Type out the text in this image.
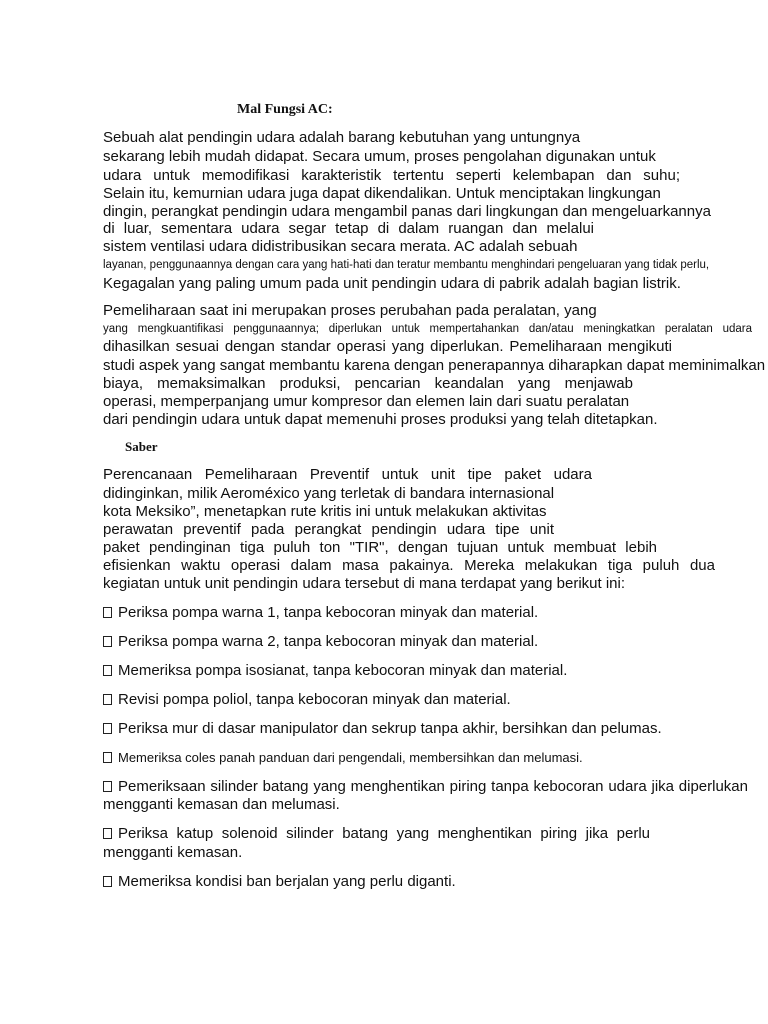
Mal Fungsi AC:
Sebuah alat pendingin udara adalah barang kebutuhan yang untungnya
sekarang lebih mudah didapat. Secara umum, proses pengolahan digunakan untuk
udara untuk memodifikasi karakteristik tertentu seperti kelembapan dan suhu;
Selain itu, kemurnian udara juga dapat dikendalikan. Untuk menciptakan lingkungan
dingin, perangkat pendingin udara mengambil panas dari lingkungan dan mengeluarkannya
di luar, sementara udara segar tetap di dalam ruangan dan melalui
sistem ventilasi udara didistribusikan secara merata. AC adalah sebuah
layanan, penggunaannya dengan cara yang hati-hati dan teratur membantu menghindari pengeluaran yang tidak perlu,
Kegagalan yang paling umum pada unit pendingin udara di pabrik adalah bagian listrik.
Pemeliharaan saat ini merupakan proses perubahan pada peralatan, yang
yang mengkuantifikasi penggunaannya; diperlukan untuk mempertahankan dan/atau meningkatkan peralatan udara
dihasilkan sesuai dengan standar operasi yang diperlukan. Pemeliharaan mengikuti
studi aspek yang sangat membantu karena dengan penerapannya diharapkan dapat meminimalkan
biaya, memaksimalkan produksi, pencarian keandalan yang menjawab
operasi, memperpanjang umur kompresor dan elemen lain dari suatu peralatan
dari pendingin udara untuk dapat memenuhi proses produksi yang telah ditetapkan.
Saber
Perencanaan Pemeliharaan Preventif untuk unit tipe paket udara
didinginkan, milik Aeroméxico yang terletak di bandara internasional
kota Meksiko”, menetapkan rute kritis ini untuk melakukan aktivitas
perawatan preventif pada perangkat pendingin udara tipe unit
paket pendinginan tiga puluh ton "TIR", dengan tujuan untuk membuat lebih
efisienkan waktu operasi dalam masa pakainya. Mereka melakukan tiga puluh dua
kegiatan untuk unit pendingin udara tersebut di mana terdapat yang berikut ini:
Periksa pompa warna 1, tanpa kebocoran minyak dan material.
Periksa pompa warna 2, tanpa kebocoran minyak dan material.
Memeriksa pompa isosianat, tanpa kebocoran minyak dan material.
Revisi pompa poliol, tanpa kebocoran minyak dan material.
Periksa mur di dasar manipulator dan sekrup tanpa akhir, bersihkan dan pelumas.
Memeriksa coles panah panduan dari pengendali, membersihkan dan melumasi.
Pemeriksaan silinder batang yang menghentikan piring tanpa kebocoran udara jika diperlukan
mengganti kemasan dan melumasi.
Periksa katup solenoid silinder batang yang menghentikan piring jika perlu
mengganti kemasan.
Memeriksa kondisi ban berjalan yang perlu diganti.
